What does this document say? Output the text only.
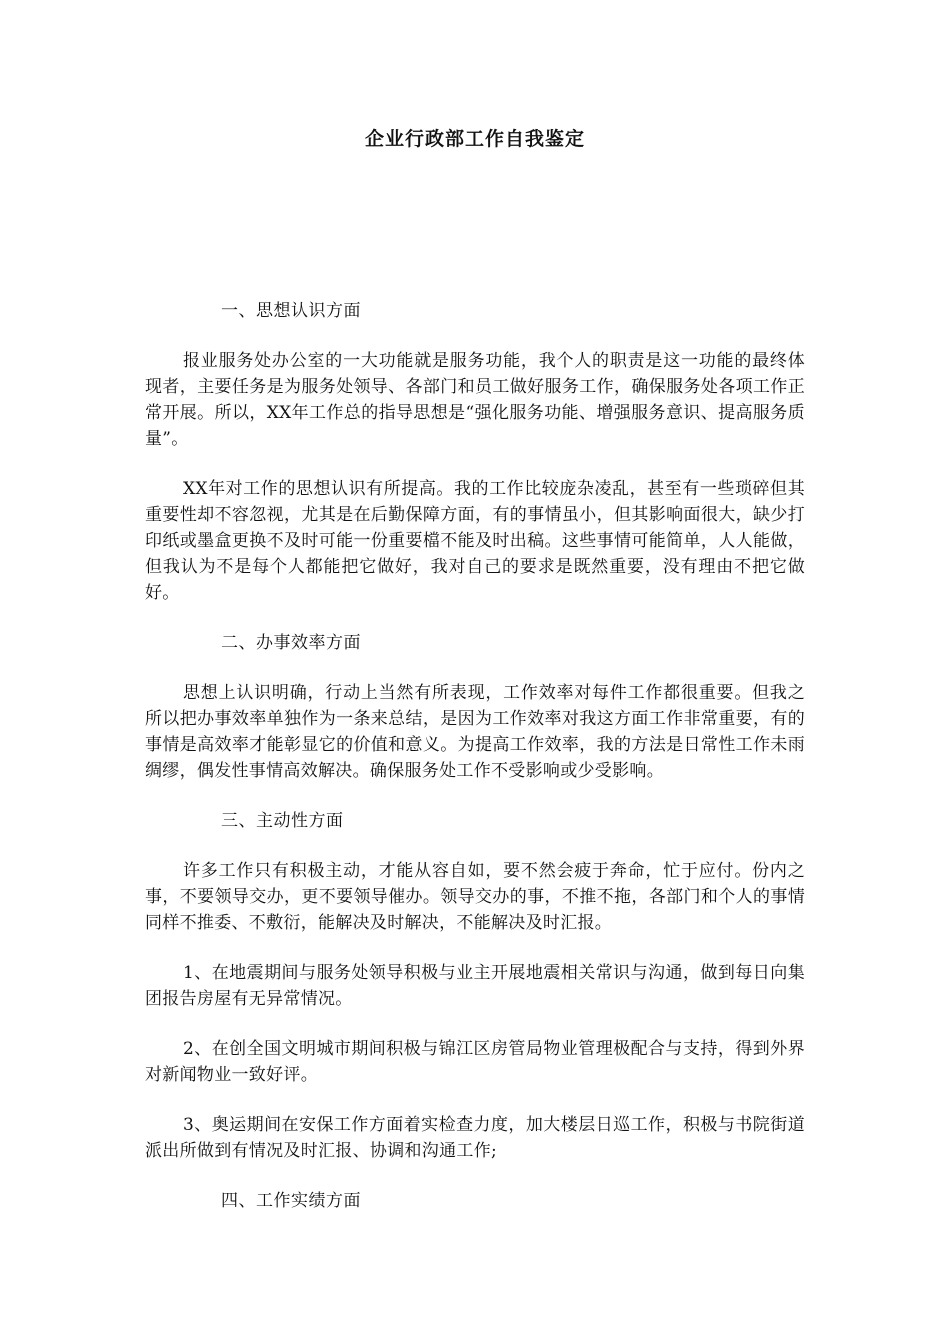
企业行政部工作自我鉴定

一、思想认识方面

报业服务处办公室的一大功能就是服务功能，我个人的职责是这一功能的最终体现者，主要任务是为服务处领导、各部门和员工做好服务工作，确保服务处各项工作正常开展。所以，XX年工作总的指导思想是“强化服务功能、增强服务意识、提高服务质量”。

XX年对工作的思想认识有所提高。我的工作比较庞杂凌乱，甚至有一些琐碎但其重要性却不容忽视，尤其是在后勤保障方面，有的事情虽小，但其影响面很大，缺少打印纸或墨盒更换不及时可能一份重要檔不能及时出稿。这些事情可能简单，人人能做，但我认为不是每个人都能把它做好，我对自己的要求是既然重要，没有理由不把它做好。

二、办事效率方面

思想上认识明确，行动上当然有所表现，工作效率对每件工作都很重要。但我之所以把办事效率单独作为一条来总结，是因为工作效率对我这方面工作非常重要，有的事情是高效率才能彰显它的价值和意义。为提高工作效率，我的方法是日常性工作未雨绸缪，偶发性事情高效解决。确保服务处工作不受影响或少受影响。

三、主动性方面

许多工作只有积极主动，才能从容自如，要不然会疲于奔命，忙于应付。份内之事，不要领导交办，更不要领导催办。领导交办的事，不推不拖，各部门和个人的事情同样不推委、不敷衍，能解决及时解决，不能解决及时汇报。

1、在地震期间与服务处领导积极与业主开展地震相关常识与沟通，做到每日向集团报告房屋有无异常情况。

2、在创全国文明城市期间积极与锦江区房管局物业管理极配合与支持，得到外界对新闻物业一致好评。

3、奥运期间在安保工作方面着实检查力度，加大楼层日巡工作，积极与书院街道派出所做到有情况及时汇报、协调和沟通工作;

四、工作实绩方面
